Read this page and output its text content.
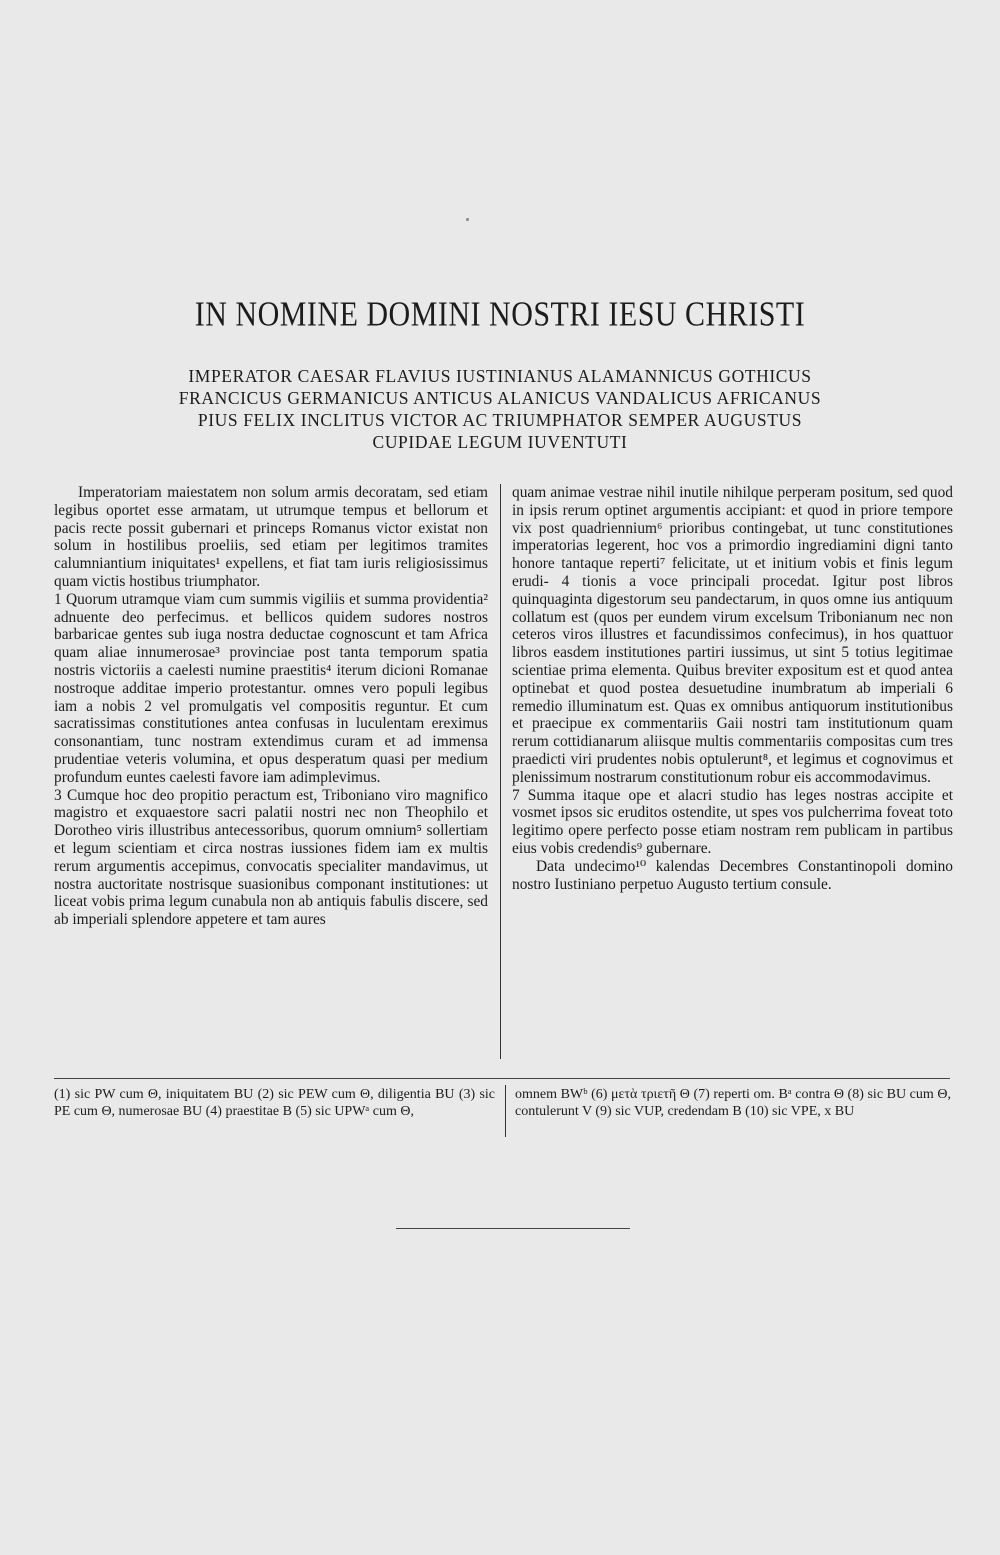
IN NOMINE DOMINI NOSTRI IESU CHRISTI
IMPERATOR CAESAR FLAVIUS IUSTINIANUS ALAMANNICUS GOTHICUS
FRANCICUS GERMANICUS ANTICUS ALANICUS VANDALICUS AFRICANUS
PIUS FELIX INCLITUS VICTOR AC TRIUMPHATOR SEMPER AUGUSTUS
CUPIDAE LEGUM IUVENTUTI

Imperatoriam maiestatem non solum armis decoratam, sed etiam legibus oportet esse armatam, ut utrumque tempus et bellorum et pacis recte possit gubernari et princeps Romanus victor existat non solum in hostilibus proeliis, sed etiam per legitimos tramites calumniantium iniquitates¹ expellens, et fiat tam iuris religiosissimus quam victis hostibus triumphator.

1 Quorum utramque viam cum summis vigiliis et summa providentia² adnuente deo perfecimus. et bellicos quidem sudores nostros barbaricae gentes sub iuga nostra deductae cognoscunt et tam Africa quam aliae innumerosae³ provinciae post tanta temporum spatia nostris victoriis a caelesti numine praestitis⁴ iterum dicioni Romanae nostroque additae imperio protestantur. omnes vero populi legibus iam a nobis 2 vel promulgatis vel compositis reguntur. Et cum sacratissimas constitutiones antea confusas in luculentam ereximus consonantiam, tunc nostram extendimus curam et ad immensa prudentiae veteris volumina, et opus desperatum quasi per medium profundum euntes caelesti favore iam adimplevimus.

3 Cumque hoc deo propitio peractum est, Triboniano viro magnifico magistro et exquaestore sacri palatii nostri nec non Theophilo et Dorotheo viris illustribus antecessoribus, quorum omnium⁵ sollertiam et legum scientiam et circa nostras iussiones fidem iam ex multis rerum argumentis accepimus, convocatis specialiter mandavimus, ut nostra auctoritate nostrisque suasionibus componant institutiones: ut liceat vobis prima legum cunabula non ab antiquis fabulis discere, sed ab imperiali splendore appetere et tam aures

quam animae vestrae nihil inutile nihilque perperam positum, sed quod in ipsis rerum optinet argumentis accipiant: et quod in priore tempore vix post quadriennium⁶ prioribus contingebat, ut tunc constitutiones imperatorias legerent, hoc vos a primordio ingrediamini digni tanto honore tantaque reperti⁷ felicitate, ut et initium vobis et finis legum erudi- 4 tionis a voce principali procedat. Igitur post libros quinquaginta digestorum seu pandectarum, in quos omne ius antiquum collatum est (quos per eundem virum excelsum Tribonianum nec non ceteros viros illustres et facundissimos confecimus), in hos quattuor libros easdem institutiones partiri iussimus, ut sint 5 totius legitimae scientiae prima elementa. Quibus breviter expositum est et quod antea optinebat et quod postea desuetudine inumbratum ab imperiali 6 remedio illuminatum est. Quas ex omnibus antiquorum institutionibus et praecipue ex commentariis Gaii nostri tam institutionum quam rerum cottidianarum aliisque multis commentariis compositas cum tres praedicti viri prudentes nobis optulerunt⁸, et legimus et cognovimus et plenissimum nostrarum constitutionum robur eis accommodavimus.

7 Summa itaque ope et alacri studio has leges nostras accipite et vosmet ipsos sic eruditos ostendite, ut spes vos pulcherrima foveat toto legitimo opere perfecto posse etiam nostram rem publicam in partibus eius vobis credendis⁹ gubernare.

Data undecimo¹⁰ kalendas Decembres Constantinopoli domino nostro Iustiniano perpetuo Augusto tertium consule.

(1) sic PW cum Θ, iniquitatem BU (2) sic PEW cum Θ, diligentia BU (3) sic PE cum Θ, numerosae BU (4) praestitae B (5) sic UPWᵃ cum Θ,

omnem BWᵇ (6) μετὰ τριετῆ Θ (7) reperti om. Bᵃ contra Θ (8) sic BU cum Θ, contulerunt V (9) sic VUP, credendam B (10) sic VPE, x BU
